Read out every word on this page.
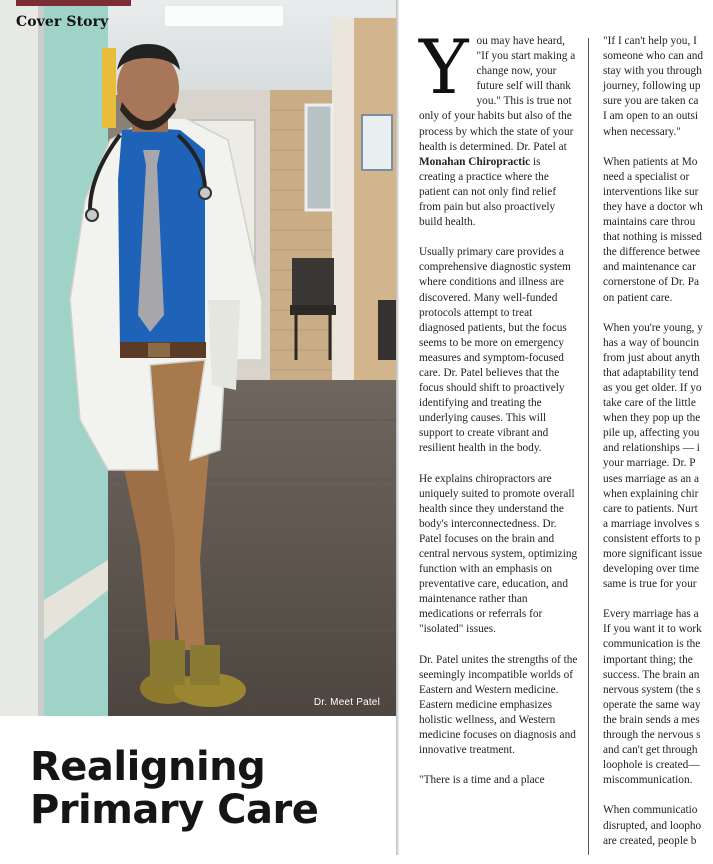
Cover Story
Dr. Meet Patel
Realigning
Primary Care

You may have heard, "If you start making a change now, your future self will thank you." This is true not only of your habits but also of the process by which the state of your health is determined. Dr. Patel at Monahan Chiropractic is creating a practice where the patient can not only find relief from pain but also proactively build health.

Usually primary care provides a comprehensive diagnostic system where conditions and illness are discovered. Many well-funded protocols attempt to treat diagnosed patients, but the focus seems to be more on emergency measures and symptom-focused care. Dr. Patel believes that the focus should shift to proactively identifying and treating the underlying causes. This will support to create vibrant and resilient health in the body.

He explains chiropractors are uniquely suited to promote overall health since they understand the body's interconnectedness. Dr. Patel focuses on the brain and central nervous system, optimizing function with an emphasis on preventative care, education, and maintenance rather than medications or referrals for "isolated" issues.

Dr. Patel unites the strengths of the seemingly incompatible worlds of Eastern and Western medicine. Eastern medicine emphasizes holistic wellness, and Western medicine focuses on diagnosis and innovative treatment.

"There is a time and a place

"If I can't help you, I
someone who can and
stay with you through
journey, following up
sure you are taken ca
I am open to an outsi
when necessary."

When patients at Mo
need a specialist or
interventions like sur
they have a doctor wh
maintains care throu
that nothing is missed
the difference betwee
and maintenance car
cornerstone of Dr. Pa
on patient care.

When you're young, y
has a way of bouncin
from just about anyth
that adaptability tend
as you get older. If yo
take care of the little
when they pop up the
pile up, affecting you
and relationships — i
your marriage. Dr. P
uses marriage as an a
when explaining chir
care to patients. Nurt
a marriage involves s
consistent efforts to p
more significant issue
developing over time
same is true for your

Every marriage has a
If you want it to work
communication is the
important thing; the
success. The brain an
nervous system (the s
operate the same way
the brain sends a mes
through the nervous s
and can't get through
loophole is created—
miscommunication.

When communicatio
disrupted, and loopho
are created, people b
